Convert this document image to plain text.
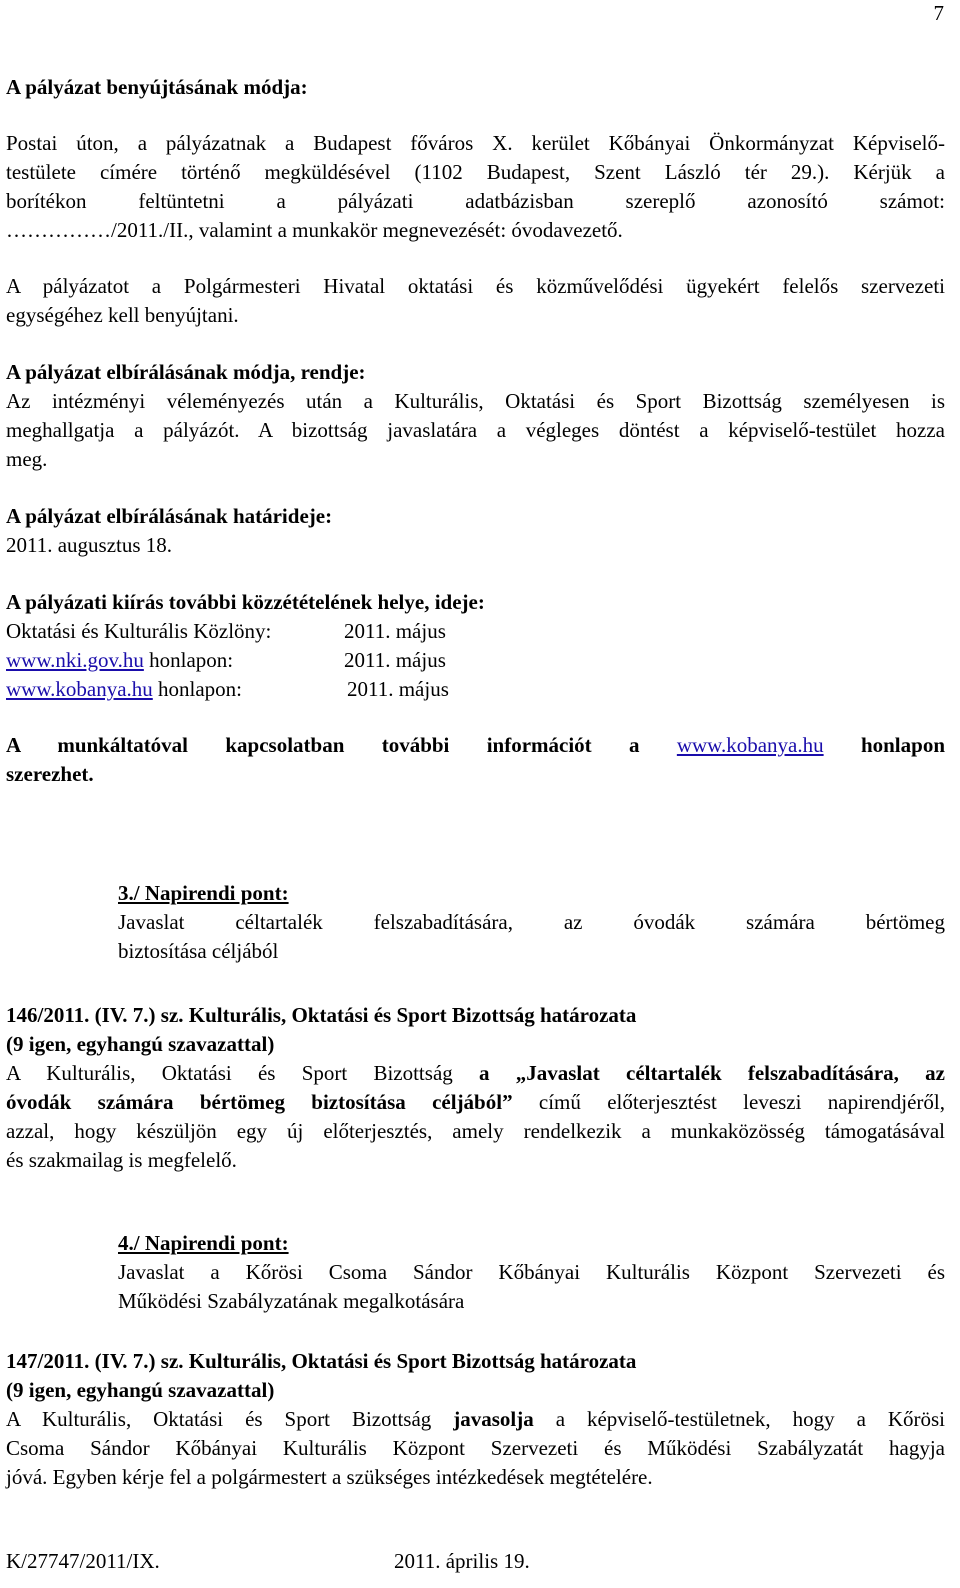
7
A pályázat benyújtásának módja:
Postai úton, a pályázatnak a Budapest főváros X. kerület Kőbányai Önkormányzat Képviselő-
testülete címére történő megküldésével (1102 Budapest, Szent László tér 29.). Kérjük a
borítékon feltüntetni a pályázati adatbázisban szereplő azonosító számot:
……………/2011./II., valamint a munkakör megnevezését: óvodavezető.
A pályázatot a Polgármesteri Hivatal oktatási és közművelődési ügyekért felelős szervezeti
egységéhez kell benyújtani.
A pályázat elbírálásának módja, rendje:
Az intézményi véleményezés után a Kulturális, Oktatási és Sport Bizottság személyesen is
meghallgatja a pályázót. A bizottság javaslatára a végleges döntést a képviselő-testület hozza
meg.
A pályázat elbírálásának határideje:
2011. augusztus 18.
A pályázati kiírás további közzétételének helye, ideje:
Oktatási és Kulturális Közlöny:	2011. május
www.nki.gov.hu honlapon:	2011. május
www.kobanya.hu honlapon:	2011. május
A munkáltatóval kapcsolatban további információt a www.kobanya.hu honlapon
szerezhet.
3./ Napirendi pont:
Javaslat céltartalék felszabadítására, az óvodák számára bértömeg
biztosítása céljából
146/2011. (IV. 7.) sz. Kulturális, Oktatási és Sport Bizottság határozata
(9 igen, egyhangú szavazattal)
A Kulturális, Oktatási és Sport Bizottság a „Javaslat céltartalék felszabadítására, az
óvodák számára bértömeg biztosítása céljából” című előterjesztést leveszi napirendjéről,
azzal, hogy készüljön egy új előterjesztés, amely rendelkezik a munkaközösség támogatásával
és szakmailag is megfelelő.
4./ Napirendi pont:
Javaslat a Kőrösi Csoma Sándor Kőbányai Kulturális Központ Szervezeti és
Működési Szabályzatának megalkotására
147/2011. (IV. 7.) sz. Kulturális, Oktatási és Sport Bizottság határozata
(9 igen, egyhangú szavazattal)
A Kulturális, Oktatási és Sport Bizottság javasolja a képviselő-testületnek, hogy a Kőrösi
Csoma Sándor Kőbányai Kulturális Központ Szervezeti és Működési Szabályzatát hagyja
jóvá. Egyben kérje fel a polgármestert a szükséges intézkedések megtételére.
K/27747/2011/IX.	2011. április 19.
